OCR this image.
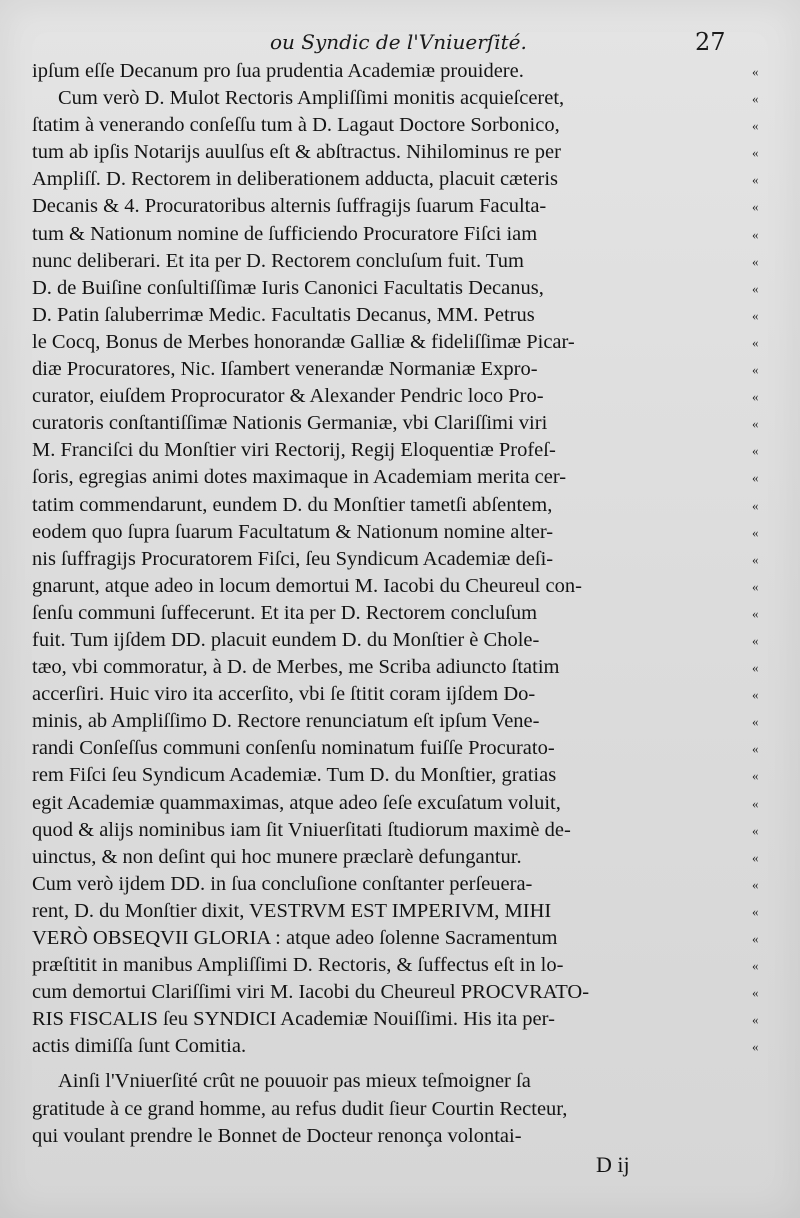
ou Syndic de l'Vniuerſité.	27
ipſum eſſe Decanum pro ſua prudentia Academiæ prouidere.	«
Cum verò D. Mulot Rectoris Ampliſſimi monitis acquieſceret,	«
ſtatim à venerando conſeſſu tum à D. Lagaut Doctore Sorbonico,	«
tum ab ipſis Notarijs auulſus eſt & abſtractus. Nihilominus re per	«
Ampliſſ. D. Rectorem in deliberationem adducta, placuit cæteris	«
Decanis & 4. Procuratoribus alternis ſuffragijs ſuarum Faculta-	«
tum & Nationum nomine de ſufficiendo Procuratore Fiſci iam	«
nunc deliberari. Et ita per D. Rectorem concluſum fuit. Tum	«
D. de Buiſine conſultiſſimæ Iuris Canonici Facultatis Decanus,	«
D. Patin ſaluberrimæ Medic. Facultatis Decanus, MM. Petrus	«
le Cocq, Bonus de Merbes honorandæ Galliæ & fideliſſimæ Picar-	«
diæ Procuratores, Nic. Iſambert venerandæ Normaniæ Expro-	«
curator, eiuſdem Proprocurator & Alexander Pendric loco Pro-	«
curatoris conſtantiſſimæ Nationis Germaniæ, vbi Clariſſimi viri	«
M. Franciſci du Monſtier viri Rectorij, Regij Eloquentiæ Profeſ-	«
ſoris, egregias animi dotes maximaque in Academiam merita cer-	«
tatim commendarunt, eundem D. du Monſtier tametſi abſentem,	«
eodem quo ſupra ſuarum Facultatum & Nationum nomine alter-	«
nis ſuffragijs Procuratorem Fiſci, ſeu Syndicum Academiæ deſi-	«
gnarunt, atque adeo in locum demortui M. Iacobi du Cheureul con-	«
ſenſu communi ſuffecerunt. Et ita per D. Rectorem concluſum	«
fuit. Tum ijſdem DD. placuit eundem D. du Monſtier è Chole-	«
tæo, vbi commoratur, à D. de Merbes, me Scriba adiuncto ſtatim	«
accerſiri. Huic viro ita accerſito, vbi ſe ſtitit coram ijſdem Do-	«
minis, ab Ampliſſimo D. Rectore renunciatum eſt ipſum Vene-	«
randi Conſeſſus communi conſenſu nominatum fuiſſe Procurato-	«
rem Fiſci ſeu Syndicum Academiæ. Tum D. du Monſtier, gratias	«
egit Academiæ quammaximas, atque adeo ſeſe excuſatum voluit,	«
quod & alijs nominibus iam ſit Vniuerſitati ſtudiorum maximè de-	«
uinctus, & non deſint qui hoc munere præclarè defungantur.	«
Cum verò ijdem DD. in ſua concluſione conſtanter perſeuera-	«
rent, D. du Monſtier dixit, VESTRVM EST IMPERIVM, MIHI	«
VERÒ OBSEQVII GLORIA : atque adeo ſolenne Sacramentum	«
præſtitit in manibus Ampliſſimi D. Rectoris, & ſuffectus eſt in lo-	«
cum demortui Clariſſimi viri M. Iacobi du Cheureul PROCVRATO-	«
RIS FISCALIS ſeu SYNDICI Academiæ Nouiſſimi. His ita per-	«
actis dimiſſa ſunt Comitia.	«
Ainſi l'Vniuerſité crût ne pouuoir pas mieux teſmoigner ſa
gratitude à ce grand homme, au refus dudit ſieur Courtin Recteur,
qui voulant prendre le Bonnet de Docteur renonça volontai-
D ij
